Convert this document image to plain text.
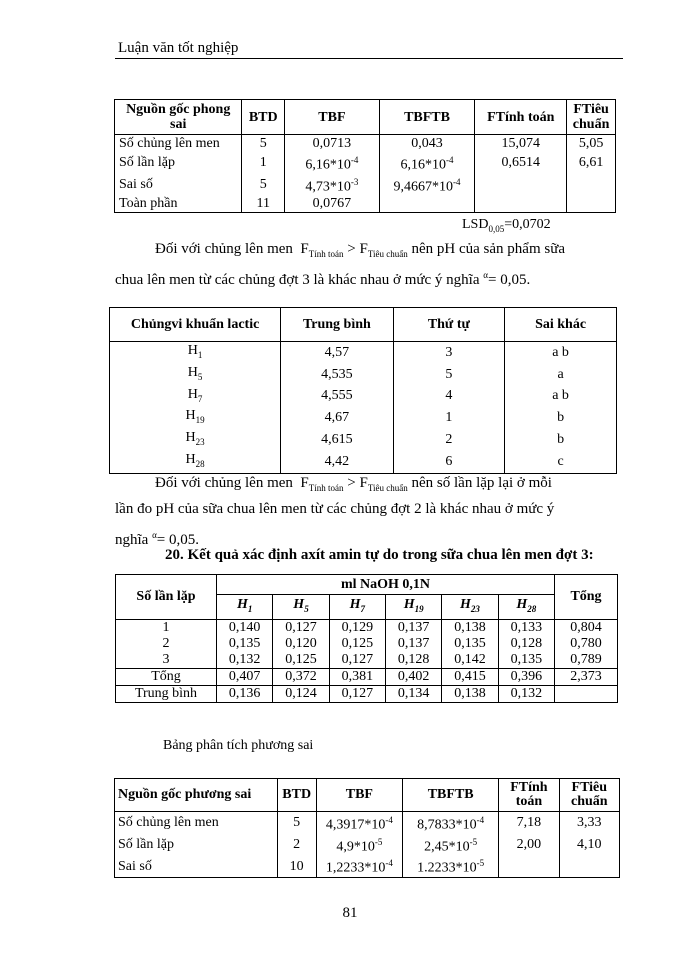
Luận văn tốt nghiệp
Nguồn gốc phong sai	BTD	TBF	TBFTB	FTính toán	FTiêu chuẩn
Số chủng lên men	5	0,0713	0,043	15,074	5,05
Số lần lặp	1	$6,16*10^{-4}$	$6,16*10^{-4}$	0,6514	6,61
Sai số	5	$4,73*10^{-3}$	$9,4667*10^{-4}$		
Toàn phần	11	0,0767			
$LSD_{0,05}=0,0702$

Đối với chủng lên men $F_{Tính toán} > F_{Tiêu chuẩn}$ nên pH của sản phẩm sữa

chua lên men từ các chủng đợt 3 là khác nhau ở mức ý nghĩa $^\alpha$= 0,05.

Chủngvi khuẩn lactic	Trung bình	Thứ tự	Sai khác
$H_1$	4,57	3	a b
$H_5$	4,535	5	a
$H_7$	4,555	4	a b
$H_{19}$	4,67	1	b
$H_{23}$	4,615	2	b
$H_{28}$	4,42	6	c

Đối với chủng lên men $F_{Tính toán} > F_{Tiêu chuẩn}$ nên số lần lặp lại ở mỗi

lần đo pH của sữa chua lên men từ các chủng đợt 2 là khác nhau ở mức ý

nghĩa $^\alpha$= 0,05.

20. Kết quả xác định axít amin tự do trong sữa chua lên men đợt 3:
Số lần lặp	ml NaOH 0,1N						Tổng
	$H_1$	$H_5$	$H_7$	$H_{19}$	$H_{23}$	$H_{28}$
1	0,140	0,127	0,129	0,137	0,138	0,133	0,804
2	0,135	0,120	0,125	0,137	0,135	0,128	0,780
3	0,132	0,125	0,127	0,128	0,142	0,135	0,789
Tổng	0,407	0,372	0,381	0,402	0,415	0,396	2,373
Trung bình	0,136	0,124	0,127	0,134	0,138	0,132	
Bảng phân tích phương sai
Nguồn gốc phương sai	BTD	TBF	TBFTB	FTính toán	FTiêu chuẩn
Số chủng lên men	5	$4,3917*10^{-4}$	$8,7833*10^{-4}$	7,18	3,33
Số lần lặp	2	$4,9*10^{-5}$	$2,45*10^{-5}$	2,00	4,10
Sai số	10	$1,2233*10^{-4}$	$1.2233*10^{-5}$		
81
